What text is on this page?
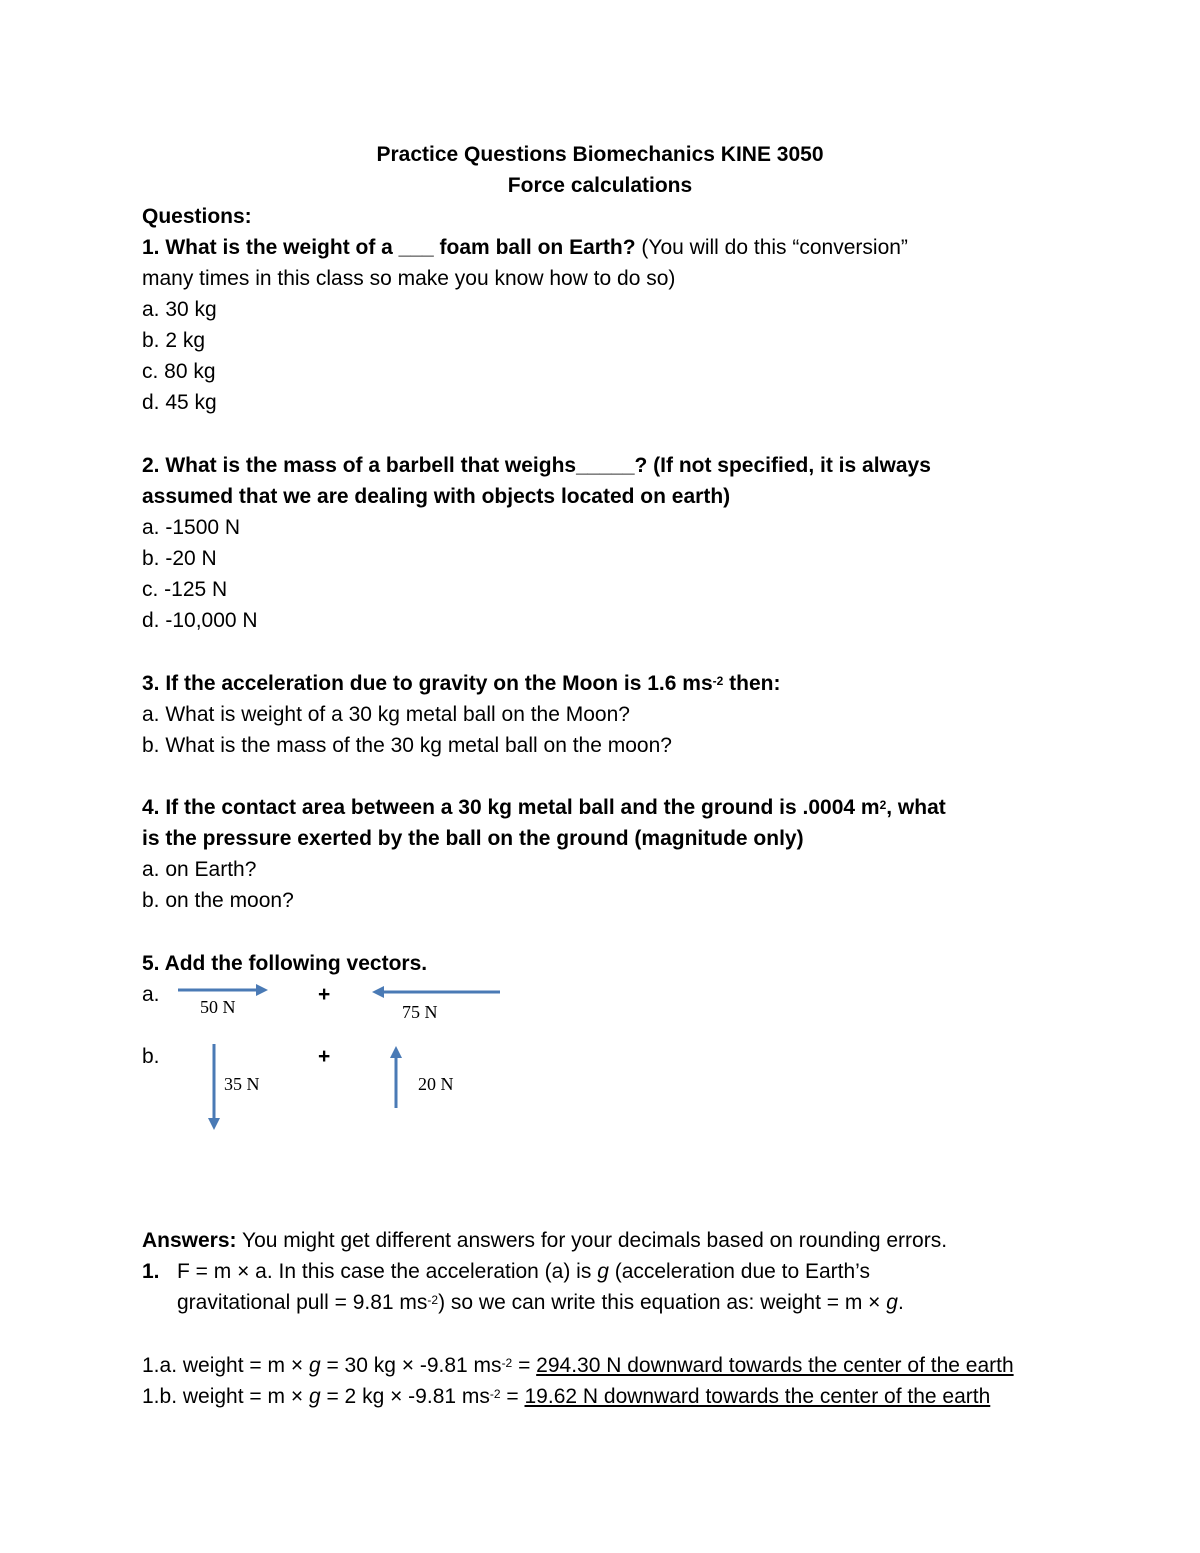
Practice Questions Biomechanics KINE 3050
Force calculations
Questions:
1. What is the weight of a ___ foam ball on Earth? (You will do this “conversion”
many times in this class so make you know how to do so)
a. 30 kg
b. 2 kg
c. 80 kg
d. 45 kg
2. What is the mass of a barbell that weighs_____? (If not specified, it is always
assumed that we are dealing with objects located on earth)
a. -1500 N
b. -20 N
c. -125 N
d. -10,000 N
3. If the acceleration due to gravity on the Moon is 1.6 $ms^{-2}$ then:
a. What is weight of a 30 kg metal ball on the Moon?
b. What is the mass of the 30 kg metal ball on the moon?
4. If the contact area between a 30 kg metal ball and the ground is .0004 $m^2$, what
is the pressure exerted by the ball on the ground (magnitude only)
a. on Earth?
b. on the moon?
5. Add the following vectors.
a.	+
b.	+
50 N	75 N
35 N	20 N
Answers: You might get different answers for your decimals based on rounding errors.
1. F = m × a. In this case the acceleration (a) is g (acceleration due to Earth’s
gravitational pull = 9.81 $ms^{-2}$) so we can write this equation as: weight = m × g.
1.a. weight = m × g = 30 kg × -9.81 $ms^{-2} = 294.30$ N downward towards the center of the earth
1.b. weight = m × g = 2 kg × -9.81 $ms^{-2} = 19.62$ N downward towards the center of the earth
